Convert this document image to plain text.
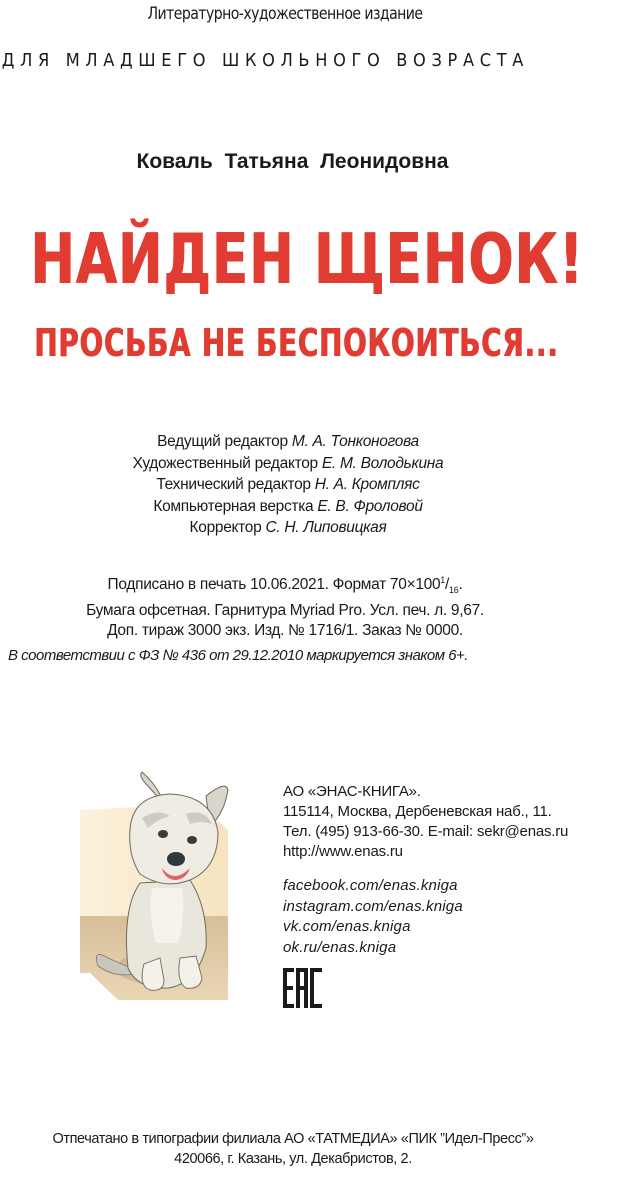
Литературно-художественное издание
ДЛЯ МЛАДШЕГО ШКОЛЬНОГО ВОЗРАСТА
Коваль Татьяна Леонидовна
НАЙДЕН ЩЕНОК!
ПРОСЬБА НЕ БЕСПОКОИТЬСЯ...
Ведущий редактор М. А. Тонконогова
Художественный редактор Е. М. Володькина
Технический редактор Н. А. Кромпляс
Компьютерная верстка Е. В. Фроловой
Корректор С. Н. Липовицкая
Подписано в печать 10.06.2021. Формат $70\times 100^1/_{16}$.
Бумага офсетная. Гарнитура Myriad Pro. Усл. печ. л. 9,67.
Доп. тираж 3000 экз. Изд. № 1716/1. Заказ № 0000.
В соответствии с ФЗ № 436 от 29.12.2010 маркируется знаком 6+.
АО «ЭНАС-КНИГА».
115114, Москва, Дербеневская наб., 11.
Тел. (495) 913-66-30. E-mail: sekr@enas.ru
http://www.enas.ru
facebook.com/enas.kniga
instagram.com/enas.kniga
vk.com/enas.kniga
ok.ru/enas.kniga
Отпечатано в типографии филиала АО «ТАТМЕДИА» «ПИК ”Идел-Пресс”»
420066, г. Казань, ул. Декабристов, 2.
